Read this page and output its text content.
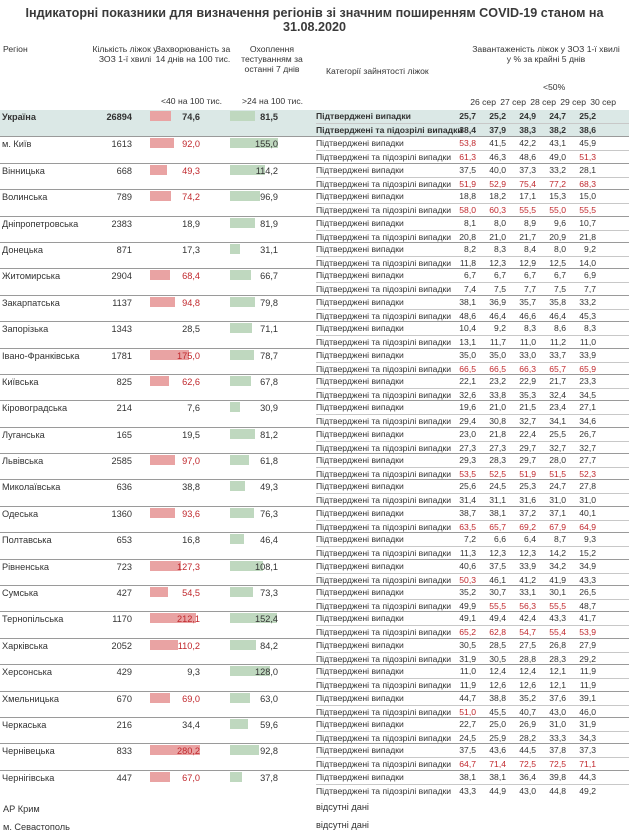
Індикаторні показники для визначення регіонів зі значним поширенням COVID-19 станом на 31.08.2020
Регіон	Кількість ліжок у ЗОЗ 1-ї хвилі
Захворюваність за 14 днів на 100 тис.
Охоплення тестуванням за останні 7 днів	Категорії зайнятості ліжок
Завантаженість ліжок у ЗОЗ 1-ї хвилі у % за крайні 5 днів
<40 на 100 тис. >24 на 100 тис.
<50%
26 сер 27 сер 28 сер 29 сер 30 сер
Україна	26894	74,6	81,5	Підтверджені випадки	25,7	25,2	24,9	24,7	25,2
Підтверджені та підозрілі випадки
38,4	37,9	38,3	38,2	38,6
м. Київ	1613	92,0	155,0	Підтверджені випадки	53,8	41,5	42,2	43,1	45,9
Підтверджені та підозрілі випадки 61,3	46,3	48,6	49,0	51,3
Вінницька	668	49,3	114,2	Підтверджені випадки	37,5	40,0	37,3	33,2	28,1
Підтверджені та підозрілі випадки 51,9	52,9	75,4	77,2	68,3
Волинська	789	74,2	96,9	Підтверджені випадки	18,8	18,2	17,1	15,3	15,0
Підтверджені та підозрілі випадки 58,0	60,3	55,5	55,0	55,5
Дніпропетровська	2383	18,9	81,9	Підтверджені випадки	8,1	8,0	8,9	9,6	10,7
Підтверджені та підозрілі випадки 20,8	21,0	21,7	20,9	21,8
Донецька	871	17,3	31,1	Підтверджені випадки	8,2	8,3	8,4	8,0	9,2
Підтверджені та підозрілі випадки	11,8	12,3	12,9	12,5	14,0
Житомирська	2904	68,4	66,7	Підтверджені випадки	6,7	6,7	6,7	6,7	6,9
Підтверджені та підозрілі випадки	7,4	7,5	7,7	7,5	7,7
Закарпатська	1137	94,8	79,8	Підтверджені випадки	38,1	36,9	35,7	35,8	33,2
Підтверджені та підозрілі випадки 48,6	46,4	46,6	46,4	45,3
Запорізька	1343	28,5	71,1	Підтверджені випадки	10,4	9,2	8,3	8,6	8,3
Підтверджені та підозрілі випадки 13,1	11,7	11,0	11,2	11,0
Івано-Франківська	1781	175,0	78,7	Підтверджені випадки	35,0	35,0	33,0	33,7	33,9
Підтверджені та підозрілі випадки 66,5	66,5	66,3	65,7	65,9
Київська	825	62,6	67,8	Підтверджені випадки	22,1	23,2	22,9	21,7	23,3
Підтверджені та підозрілі випадки 32,6	33,8	35,3	32,4	34,5
Кіровоградська	214	7,6	30,9	Підтверджені випадки	19,6	21,0	21,5	23,4	27,1
Підтверджені та підозрілі випадки 29,4	30,8	32,7	34,1	34,6
Луганська	165	19,5	81,2	Підтверджені випадки	23,0	21,8	22,4	25,5	26,7
Підтверджені та підозрілі випадки 27,3	27,3	29,7	32,7	32,7
Львівська	2585	97,0	61,8	Підтверджені випадки	29,3	28,3	29,7	28,0	27,7
Підтверджені та підозрілі випадки 53,5	52,5	51,9	51,5	52,3
Миколаївська	636	38,8	49,3	Підтверджені випадки	25,6	24,5	25,3	24,7	27,8
Підтверджені та підозрілі випадки 31,4	31,1	31,6	31,0	31,0
Одеська	1360	93,6	76,3	Підтверджені випадки	38,7	38,1	37,2	37,1	40,1
Підтверджені та підозрілі випадки 63,5	65,7	69,2	67,9	64,9
Полтавська	653	16,8	46,4	Підтверджені випадки	7,2	6,6	6,4	8,7	9,3
Підтверджені та підозрілі випадки	11,3	12,3	12,3	14,2	15,2
Рівненська	723	127,3	108,1	Підтверджені випадки	40,6	37,5	33,9	34,2	34,9
Підтверджені та підозрілі випадки 50,3	46,1	41,2	41,9	43,3
Сумська	427	54,5	73,3	Підтверджені випадки	35,2	30,7	33,1	30,1	26,5
Підтверджені та підозрілі випадки 49,9	55,5	56,3	55,5	48,7
Тернопільська	1170	212,1	152,4	Підтверджені випадки	49,1	49,4	42,4	43,3	41,7
Підтверджені та підозрілі випадки 65,2	62,8	54,7	55,4	53,9
Харківська	2052	110,2	84,2	Підтверджені випадки	30,5	28,5	27,5	26,8	27,9
Підтверджені та підозрілі випадки 31,9	30,5	28,8	28,3	29,2
Херсонська	429	9,3	128,0	Підтверджені випадки	11,0	12,4	12,4	12,1	11,9
Підтверджені та підозрілі випадки	11,9	12,6	12,6	12,1	11,9
Хмельницька	670	69,0	63,0	Підтверджені випадки	44,7	38,8	35,2	37,6	39,1
Підтверджені та підозрілі випадки 51,0	45,5	40,7	43,0	46,0
Черкаська	216	34,4	59,6	Підтверджені випадки	22,7	25,0	26,9	31,0	31,9
Підтверджені та підозрілі випадки 24,5	25,9	28,2	33,3	34,3
Чернівецька	833	280,2	92,8	Підтверджені випадки	37,5	43,6	44,5	37,8	37,3
Підтверджені та підозрілі випадки 64,7	71,4	72,5	72,5	71,1
Чернігівська	447	67,0	37,8	Підтверджені випадки	38,1	38,1	36,4	39,8	44,3
Підтверджені та підозрілі випадки 43,3	44,9	43,0	44,8	49,2
АР Крим	відсутні дані
м. Севастополь	відсутні дані
